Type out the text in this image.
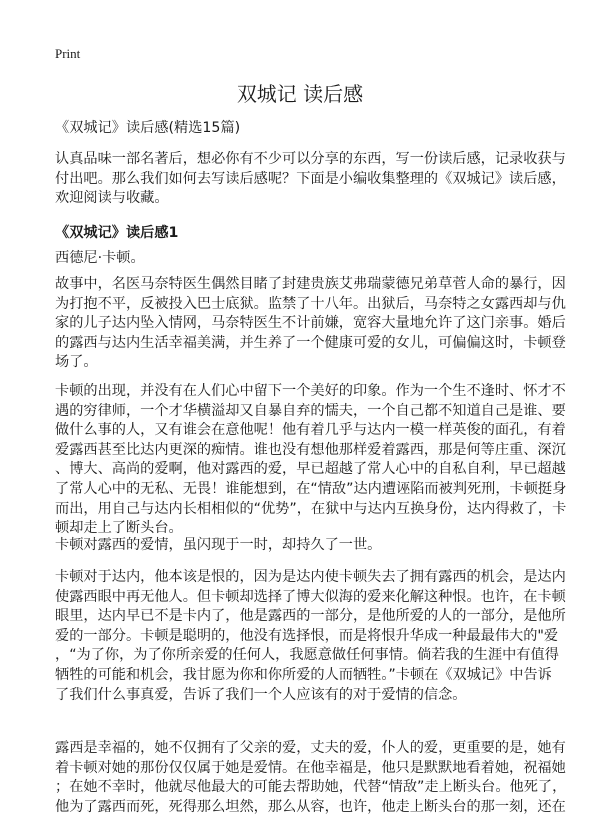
Print
双城记 读后感
《双城记》读后感(精选15篇)
认真品味一部名著后，想必你有不少可以分享的东西，写一份读后感，记录收获与
付出吧。那么我们如何去写读后感呢？下面是小编收集整理的《双城记》读后感，
欢迎阅读与收藏。
《双城记》读后感1
西德尼·卡顿。
故事中，名医马奈特医生偶然目睹了封建贵族艾弗瑞蒙德兄弟草菅人命的暴行，因
为打抱不平，反被投入巴士底狱。监禁了十八年。出狱后，马奈特之女露西却与仇
家的儿子达内坠入情网，马奈特医生不计前嫌，宽容大量地允许了这门亲事。婚后
的露西与达内生活幸福美满，并生养了一个健康可爱的女儿，可偏偏这时，卡顿登
场了。
卡顿的出现，并没有在人们心中留下一个美好的印象。作为一个生不逢时、怀才不
遇的穷律师，一个才华横溢却又自暴自弃的懦夫，一个自己都不知道自己是谁、要
做什么事的人，又有谁会在意他呢！他有着几乎与达内一模一样英俊的面孔，有着
爱露西甚至比达内更深的痴情。谁也没有想他那样爱着露西，那是何等庄重、深沉
、博大、高尚的爱啊，他对露西的爱，早已超越了常人心中的自私自利，早已超越
了常人心中的无私、无畏！谁能想到，在“情敌”达内遭诬陷而被判死刑，卡顿挺身
而出，用自己与达内长相相似的“优势”，在狱中与达内互换身份，达内得救了，卡
顿却走上了断头台。
卡顿对露西的爱情，虽闪现于一时，却持久了一世。
卡顿对于达内，他本该是恨的，因为是达内使卡顿失去了拥有露西的机会，是达内
使露西眼中再无他人。但卡顿却选择了博大似海的爱来化解这种恨。也许，在卡顿
眼里，达内早已不是卡内了，他是露西的一部分，是他所爱的人的一部分，是他所
爱的一部分。卡顿是聪明的，他没有选择恨，而是将恨升华成一种最最伟大的"爱
，“为了你，为了你所亲爱的任何人，我愿意做任何事情。倘若我的生涯中有值得
牺牲的可能和机会，我甘愿为你和你所爱的人而牺牲。”卡顿在《双城记》中告诉
了我们什么事真爱，告诉了我们一个人应该有的对于爱情的信念。
露西是幸福的，她不仅拥有了父亲的爱，丈夫的爱，仆人的爱，更重要的是，她有
着卡顿对她的那份仅仅属于她是爱情。在他幸福是，他只是默默地看着她，祝福她
；在她不幸时，他就尽他最大的可能去帮助她，代替“情敌”走上断头台。他死了，
他为了露西而死，死得那么坦然，那么从容，也许，他走上断头台的那一刻，还在
